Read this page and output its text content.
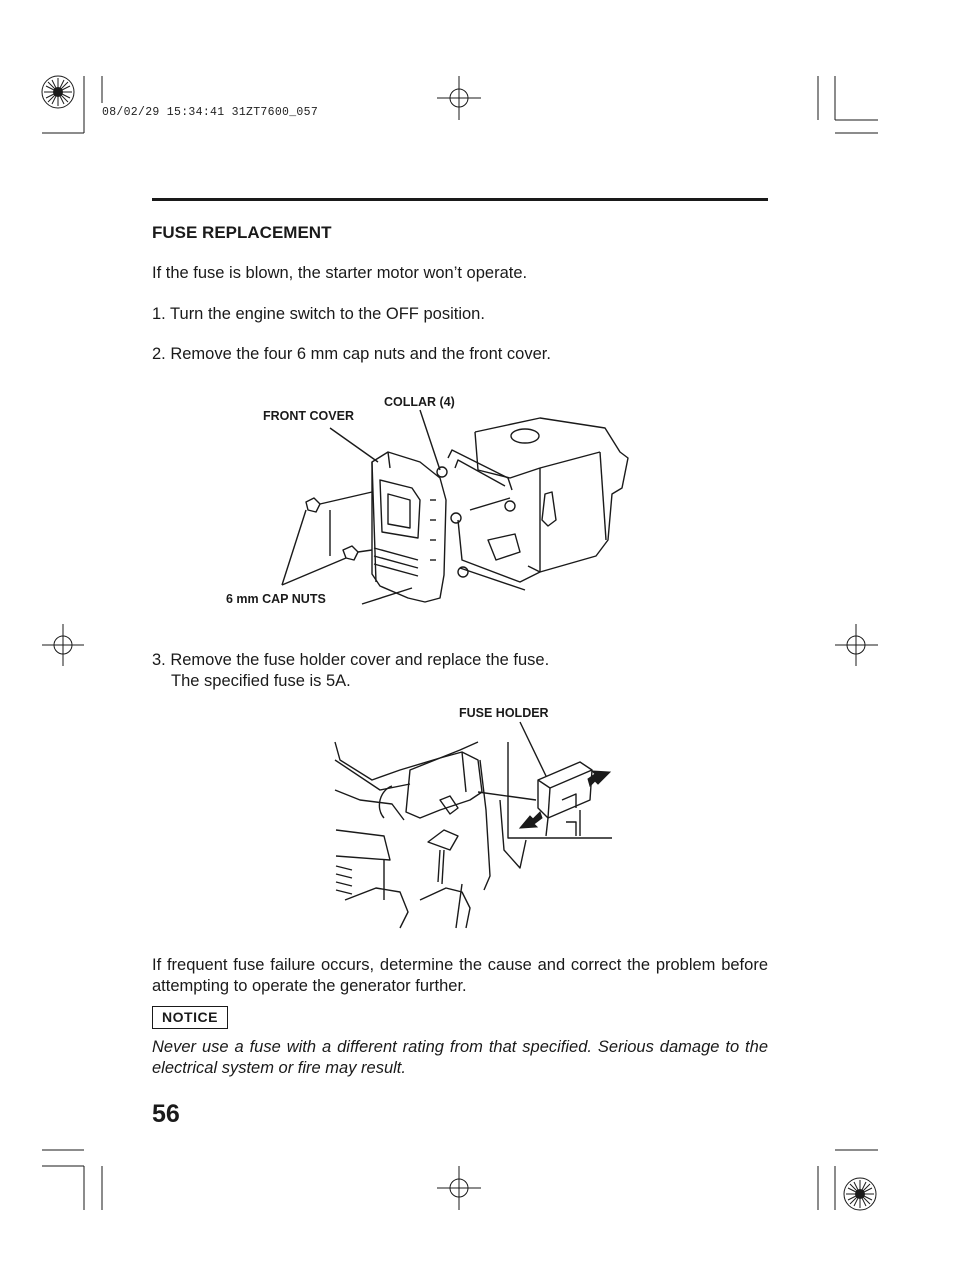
08/02/29 15:34:41 31ZT7600_057
FUSE REPLACEMENT
If the fuse is blown, the starter motor won’t operate.
1. Turn the engine switch to the OFF position.
2. Remove the four 6 mm cap nuts and the front cover.
COLLAR (4)
FRONT COVER
6 mm CAP NUTS
3. Remove the fuse holder cover and replace the fuse.
The specified fuse is 5A.
FUSE HOLDER
If frequent fuse failure occurs, determine the cause and correct the problem before attempting to operate the generator further.
NOTICE
Never use a fuse with a different rating from that specified. Serious damage to the electrical system or fire may result.
56
